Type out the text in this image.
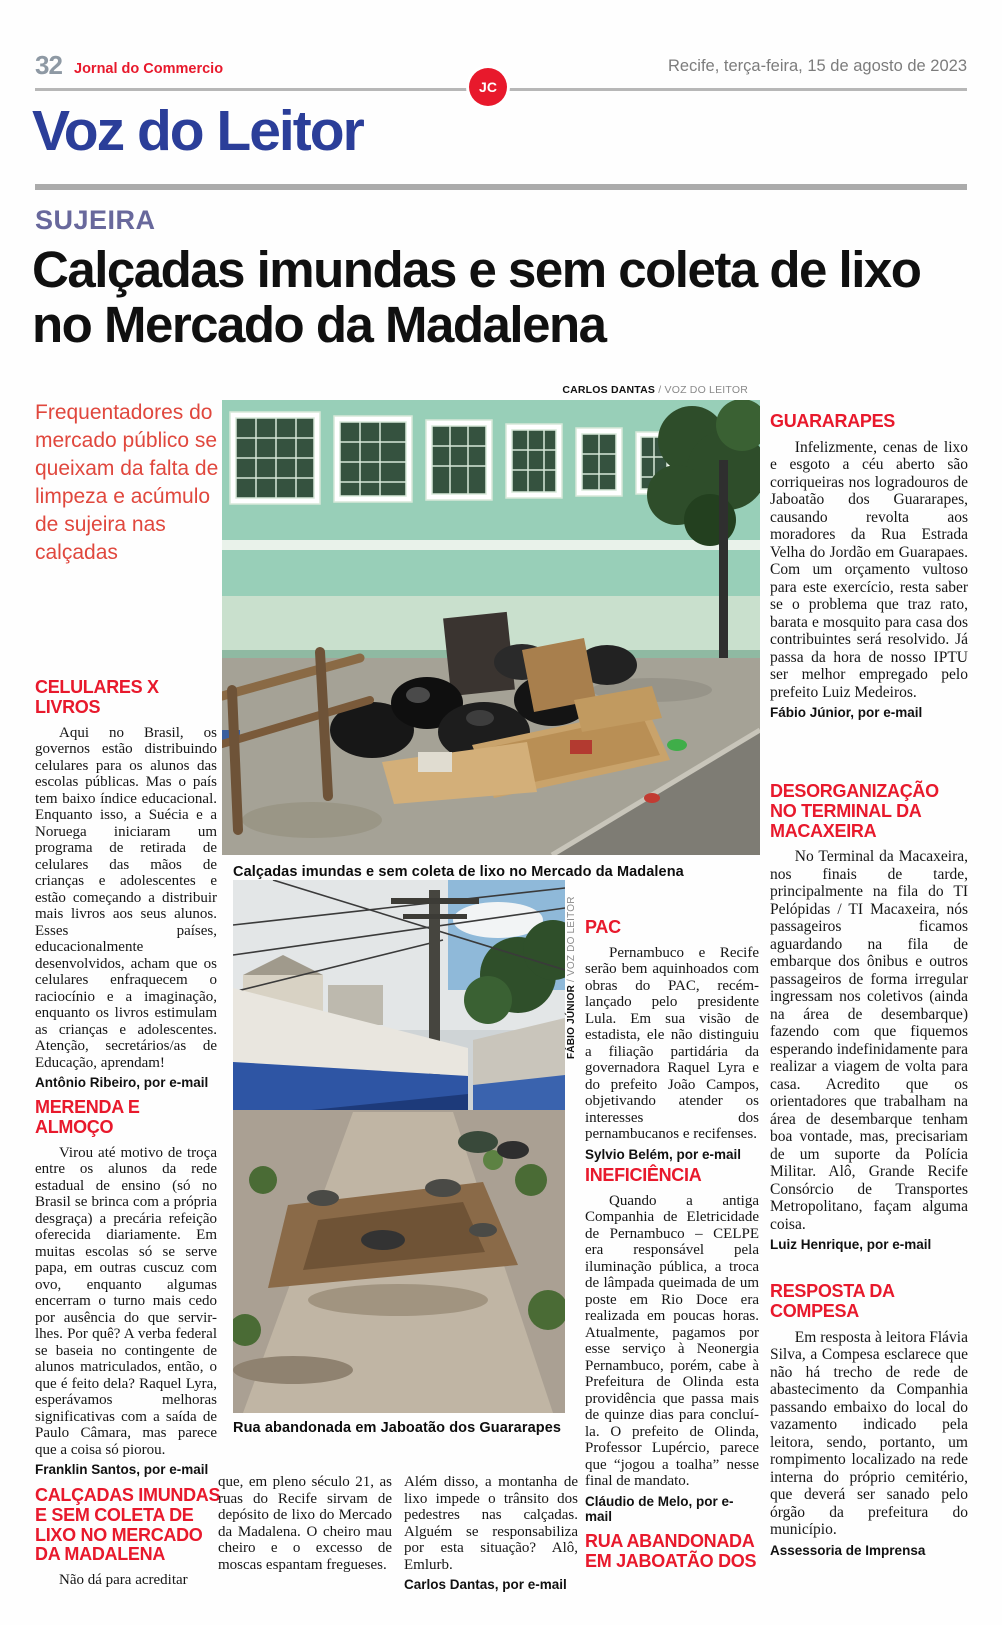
32 Jornal do Commercio	Recife, terça-feira, 15 de agosto de 2023
JC
Voz do Leitor
SUJEIRA
Calçadas imundas e sem coleta de lixo no Mercado da Madalena
Frequentadores do mercado público se queixam da falta de limpeza e acúmulo de sujeira nas calçadas
CARLOS DANTAS / VOZ DO LEITOR
Calçadas imundas e sem coleta de lixo no Mercado da Madalena
FÁBIO JÚNIOR / VOZ DO LEITOR
Rua abandonada em Jaboatão dos Guararapes
CELULARES X LIVROS
Aqui no Brasil, os governos estão distribuindo celulares para os alunos das escolas públicas. Mas o país tem baixo índice educacional. Enquanto isso, a Suécia e a Noruega iniciaram um programa de retirada de celulares das mãos de crianças e adolescentes e estão começando a distribuir mais livros aos seus alunos. Esses países, educacionalmente desenvolvidos, acham que os celulares enfraquecem o raciocínio e a imaginação, enquanto os livros estimulam as crianças e adolescentes. Atenção, secretários/as de Educação, aprendam!
Antônio Ribeiro, por e-mail
MERENDA E ALMOÇO
Virou até motivo de troça entre os alunos da rede estadual de ensino (só no Brasil se brinca com a própria desgraça) a precária refeição oferecida diariamente. Em muitas escolas só se serve papa, em outras cuscuz com ovo, enquanto algumas encerram o turno mais cedo por ausência do que servir-lhes. Por quê? A verba federal se baseia no contingente de alunos matriculados, então, o que é feito dela? Raquel Lyra, esperávamos melhoras significativas com a saída de Paulo Câmara, mas parece que a coisa só piorou.
Franklin Santos, por e-mail
CALÇADAS IMUNDAS E SEM COLETA DE LIXO NO MERCADO DA MADALENA
Não dá para acreditar
que, em pleno século 21, as ruas do Recife sirvam de depósito de lixo do Mercado da Madalena. O cheiro mau cheiro e o excesso de moscas espantam fregueses.
Além disso, a montanha de lixo impede o trânsito dos pedestres nas calçadas. Alguém se responsabiliza por esta situação? Alô, Emlurb.
Carlos Dantas, por e-mail
PAC
Pernambuco e Recife serão bem aquinhoados com obras do PAC, recém-lançado pelo presidente Lula. Em sua visão de estadista, ele não distinguiu a filiação partidária da governadora Raquel Lyra e do prefeito João Campos, objetivando atender os interesses dos pernambucanos e recifenses.
Sylvio Belém, por e-mail
INEFICIÊNCIA
Quando a antiga Companhia de Eletricidade de Pernambuco – CELPE era responsável pela iluminação pública, a troca de lâmpada queimada de um poste em Rio Doce era realizada em poucas horas. Atualmente, pagamos por esse serviço à Neonergia Pernambuco, porém, cabe à Prefeitura de Olinda esta providência que passa mais de quinze dias para concluí-la. O prefeito de Olinda, Professor Lupércio, parece que “jogou a toalha” nesse final de mandato.
Cláudio de Melo, por e-mail
RUA ABANDONADA EM JABOATÃO DOS
GUARARAPES
Infelizmente, cenas de lixo e esgoto a céu aberto são corriqueiras nos logradouros de Jaboatão dos Guararapes, causando revolta aos moradores da Rua Estrada Velha do Jordão em Guarapaes. Com um orçamento vultoso para este exercício, resta saber se o problema que traz rato, barata e mosquito para casa dos contribuintes será resolvido. Já passa da hora de nosso IPTU ser melhor empregado pelo prefeito Luiz Medeiros.
Fábio Júnior, por e-mail
DESORGANIZAÇÃO NO TERMINAL DA MACAXEIRA
No Terminal da Macaxeira, nos finais de tarde, principalmente na fila do TI Pelópidas / TI Macaxeira, nós passageiros ficamos aguardando na fila de embarque dos ônibus e outros passageiros de forma irregular ingressam nos coletivos (ainda na área de desembarque) fazendo com que fiquemos esperando indefinidamente para realizar a viagem de volta para casa. Acredito que os orientadores que trabalham na área de desembarque tenham boa vontade, mas, precisariam de um suporte da Polícia Militar. Alô, Grande Recife Consórcio de Transportes Metropolitano, façam alguma coisa.
Luiz Henrique, por e-mail
RESPOSTA DA COMPESA
Em resposta à leitora Flávia Silva, a Compesa esclarece que não há trecho de rede de abastecimento da Companhia passando embaixo do local do vazamento indicado pela leitora, sendo, portanto, um rompimento localizado na rede interna do próprio cemitério, que deverá ser sanado pelo órgão da prefeitura do município.
Assessoria de Imprensa
